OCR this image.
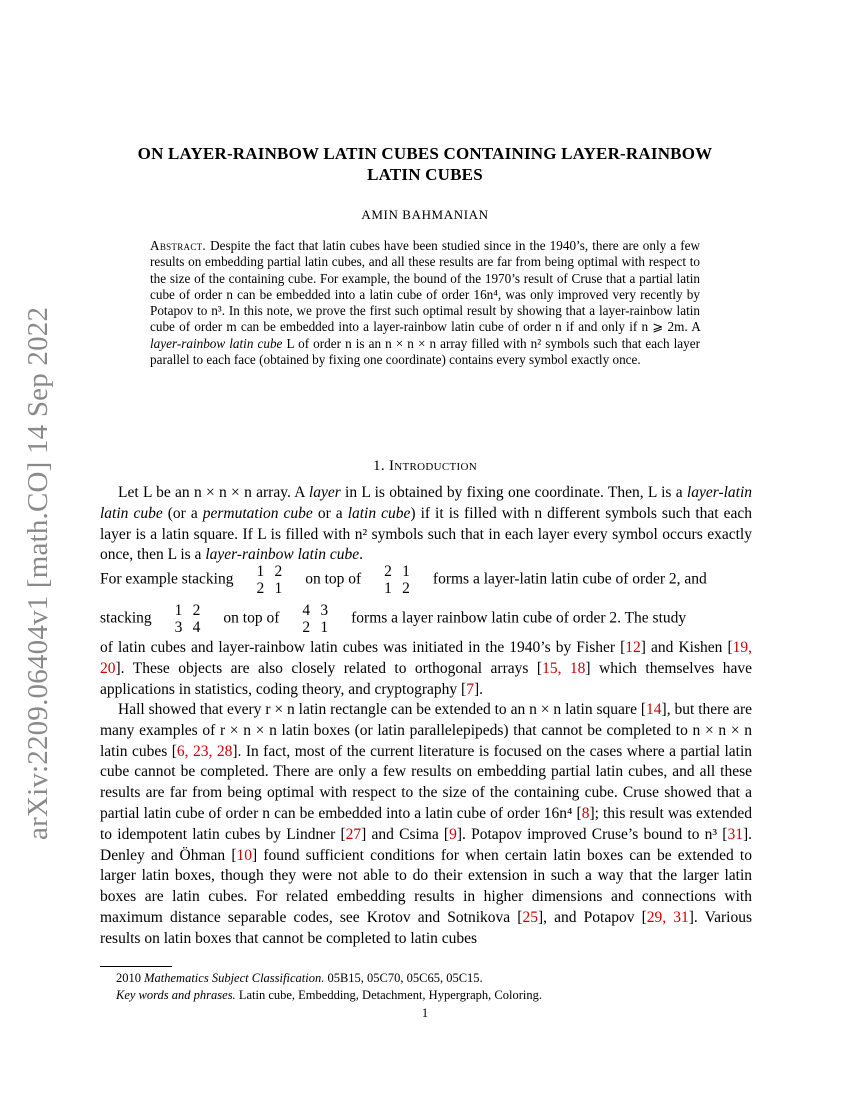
arXiv:2209.06404v1 [math.CO] 14 Sep 2022
ON LAYER-RAINBOW LATIN CUBES CONTAINING LAYER-RAINBOW
LATIN CUBES
AMIN BAHMANIAN
Abstract. Despite the fact that latin cubes have been studied since in the 1940’s, there are only a few results on embedding partial latin cubes, and all these results are far from being optimal with respect to the size of the containing cube. For example, the bound of the 1970’s result of Cruse that a partial latin cube of order n can be embedded into a latin cube of order 16n⁴, was only improved very recently by Potapov to n³. In this note, we prove the first such optimal result by showing that a layer-rainbow latin cube of order m can be embedded into a layer-rainbow latin cube of order n if and only if n ⩾ 2m. A layer-rainbow latin cube L of order n is an n × n × n array filled with n² symbols such that each layer parallel to each face (obtained by fixing one coordinate) contains every symbol exactly once.
1. Introduction
Let L be an n × n × n array. A layer in L is obtained by fixing one coordinate. Then, L is a layer-latin latin cube (or a permutation cube or a latin cube) if it is filled with n different symbols such that each layer is a latin square. If L is filled with n² symbols such that in each layer every symbol occurs exactly once, then L is a layer-rainbow latin cube.
For example stacking	1 2
2 1
on top of	2 1
1 2
forms a layer-latin latin cube of order 2, and
stacking	1 2
3 4
on top of	4 3
2 1
forms a layer rainbow latin cube of order 2. The study
of latin cubes and layer-rainbow latin cubes was initiated in the 1940’s by Fisher [12] and Kishen [19, 20]. These objects are also closely related to orthogonal arrays [15, 18] which themselves have applications in statistics, coding theory, and cryptography [7].
Hall showed that every r × n latin rectangle can be extended to an n × n latin square [14], but there are many examples of r × n × n latin boxes (or latin parallelepipeds) that cannot be completed to n × n × n latin cubes [6, 23, 28]. In fact, most of the current literature is focused on the cases where a partial latin cube cannot be completed. There are only a few results on embedding partial latin cubes, and all these results are far from being optimal with respect to the size of the containing cube. Cruse showed that a partial latin cube of order n can be embedded into a latin cube of order 16n⁴ [8]; this result was extended to idempotent latin cubes by Lindner [27] and Csima [9]. Potapov improved Cruse’s bound to n³ [31]. Denley and Öhman [10] found sufficient conditions for when certain latin boxes can be extended to larger latin boxes, though they were not able to do their extension in such a way that the larger latin boxes are latin cubes. For related embedding results in higher dimensions and connections with maximum distance separable codes, see Krotov and Sotnikova [25], and Potapov [29, 31]. Various results on latin boxes that cannot be completed to latin cubes
2010 Mathematics Subject Classification. 05B15, 05C70, 05C65, 05C15.
Key words and phrases. Latin cube, Embedding, Detachment, Hypergraph, Coloring.
1
